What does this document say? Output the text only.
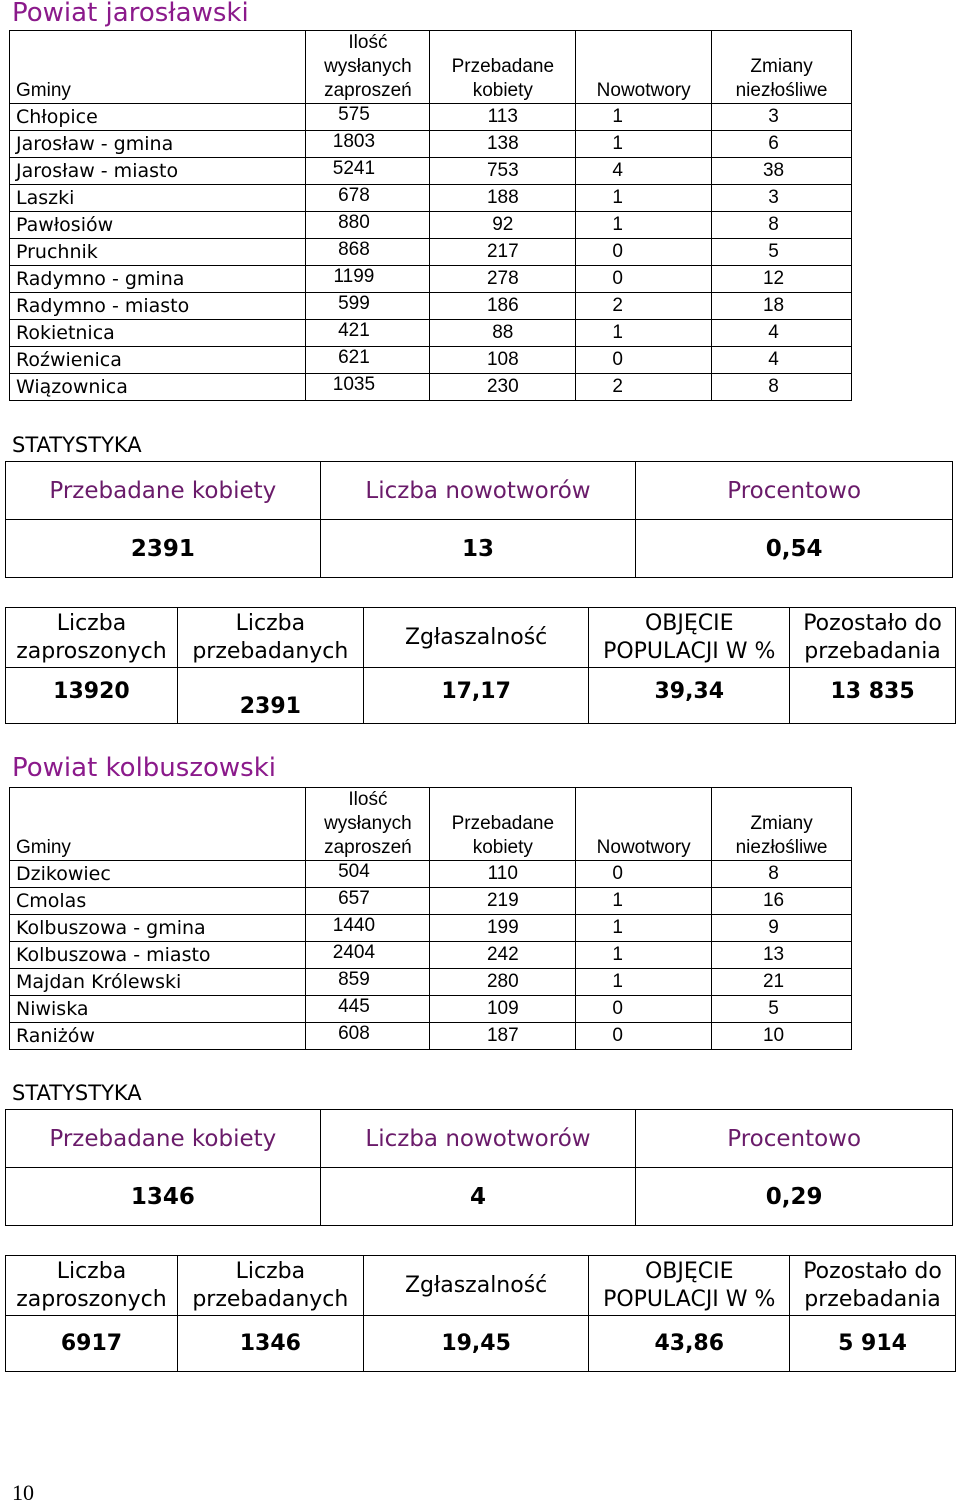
Powiat jarosławski
Gminy	Ilość wysłanych zaproszeń	Przebadane kobiety	Nowotwory	Zmiany niezłośliwe
Chłopice	575	113	1	3
Jarosław - gmina	1803	138	1	6
Jarosław - miasto	5241	753	4	38
Laszki	678	188	1	3
Pawłosiów	880	92	1	8
Pruchnik	868	217	0	5
Radymno - gmina	1199	278	0	12
Radymno - miasto	599	186	2	18
Rokietnica	421	88	1	4
Roźwienica	621	108	0	4
Wiązownica	1035	230	2	8
STATYSTYKA
Przebadane kobiety	Liczba nowotworów	Procentowo
2391	13	0,54
Liczba zaproszonych	Liczba przebadanych	Zgłaszalność	OBJĘCIE POPULACJI W %	Pozostało do przebadania
13920	2391	17,17	39,34	13 835
Powiat kolbuszowski
Gminy	Ilość wysłanych zaproszeń	Przebadane kobiety	Nowotwory	Zmiany niezłośliwe
Dzikowiec	504	110	0	8
Cmolas	657	219	1	16
Kolbuszowa - gmina	1440	199	1	9
Kolbuszowa - miasto	2404	242	1	13
Majdan Królewski	859	280	1	21
Niwiska	445	109	0	5
Raniżów	608	187	0	10
STATYSTYKA
Przebadane kobiety	Liczba nowotworów	Procentowo
1346	4	0,29
Liczba zaproszonych	Liczba przebadanych	Zgłaszalność	OBJĘCIE POPULACJI W %	Pozostało do przebadania
6917	1346	19,45	43,86	5 914
10
